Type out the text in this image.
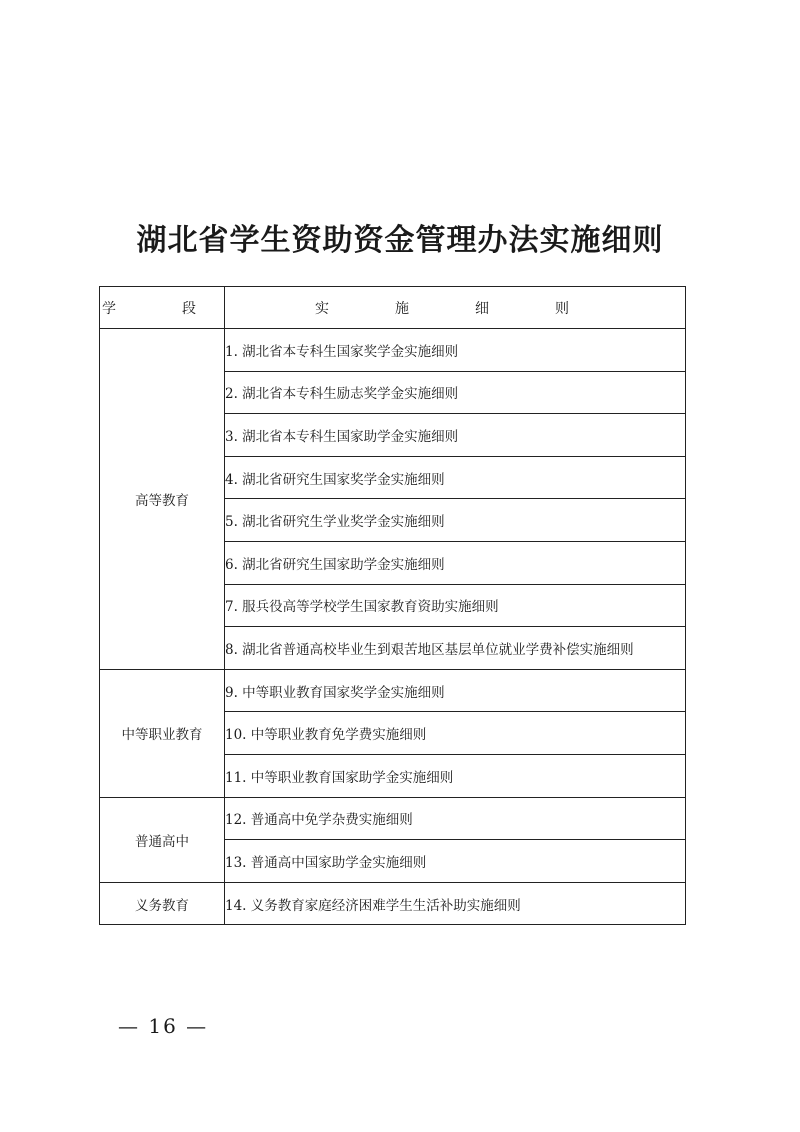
湖北省学生资助资金管理办法实施细则
学　段	实　施　细　则
高等教育	1. 湖北省本专科生国家奖学金实施细则
	2. 湖北省本专科生励志奖学金实施细则
	3. 湖北省本专科生国家助学金实施细则
	4. 湖北省研究生国家奖学金实施细则
	5. 湖北省研究生学业奖学金实施细则
	6. 湖北省研究生国家助学金实施细则
	7. 服兵役高等学校学生国家教育资助实施细则
	8. 湖北省普通高校毕业生到艰苦地区基层单位就业学费补偿实施细则
中等职业教育	9. 中等职业教育国家奖学金实施细则
	10. 中等职业教育免学费实施细则
	11. 中等职业教育国家助学金实施细则
普通高中	12. 普通高中免学杂费实施细则
	13. 普通高中国家助学金实施细则
义务教育	14. 义务教育家庭经济困难学生生活补助实施细则
— 16 —
